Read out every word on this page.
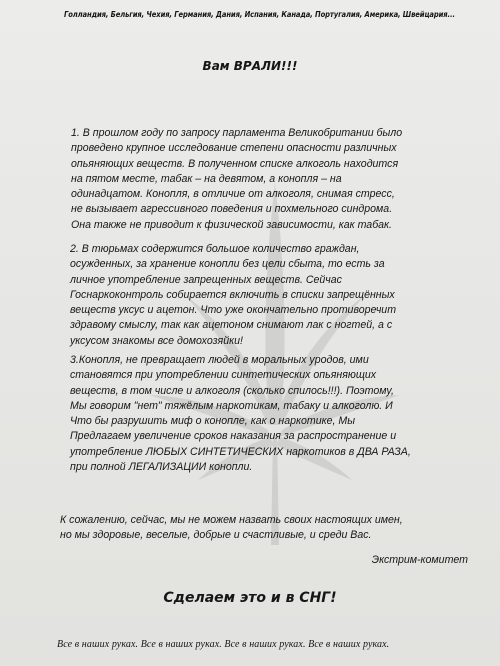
Голландия, Бельгия, Чехия, Германия, Дания, Испания, Канада, Португалия, Америка, Швейцария...
Вам ВРАЛИ!!!
1. В прошлом году по запросу парламента Великобритании было
проведено крупное исследование степени опасности различных
опьяняющих веществ. В полученном списке алкоголь находится
на пятом месте, табак – на девятом, а конопля – на
одинадцатом. Конопля, в отличие от алкоголя, снимая стресс,
не вызывает агрессивного поведения и похмельного синдрома.
Она также не приводит к физической зависимости, как табак.
2. В тюрьмах содержится большое количество граждан,
осужденных, за хранение конопли без цели сбыта, то есть за
личное употребление запрещенных веществ. Сейчас
Госнаркоконтроль собирается включить в списки запрещённых
веществ уксус и ацетон. Что уже окончательно противоречит
здравому смыслу, так как ацетоном снимают лак с ногтей, а с
уксусом знакомы все домохозяйки!
3.Конопля, не превращает людей в моральных уродов, ими
становятся при употреблении синтетических опьяняющих
веществ, в том числе и алкоголя (сколько спилось!!!). Поэтому,
Мы говорим "нет" тяжёлым наркотикам, табаку и алкоголю. И
Что бы разрушить миф о конопле, как о наркотике, Мы
Предлагаем увеличение сроков наказания за распространение и
употребление ЛЮБЫХ СИНТЕТИЧЕСКИХ наркотиков в ДВА РАЗА,
при полной ЛЕГАЛИЗАЦИИ конопли.
К сожалению, сейчас, мы не можем назвать своих настоящих имен,
но мы здоровые, веселые, добрые и счастливые, и среди Вас.
Экстрим-комитет
Сделаем это и в СНГ!
Все в наших руках. Все в наших руках. Все в наших руках. Все в наших руках.
